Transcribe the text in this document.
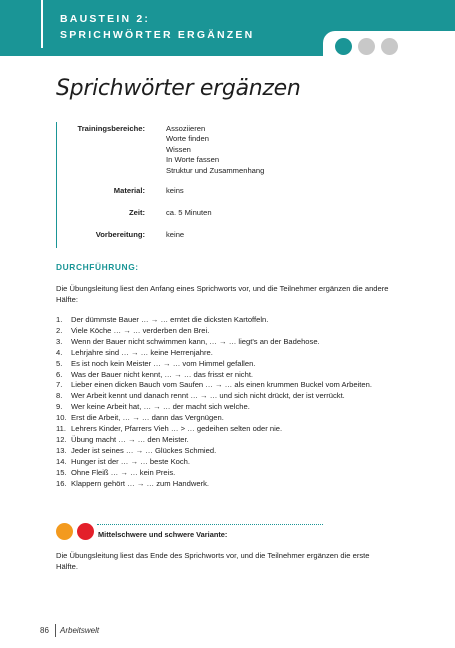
BAUSTEIN 2:
SPRICHWÖRTER ERGÄNZEN
Sprichwörter ergänzen
Trainingsbereiche:	Assoziieren
Worte finden
Wissen
In Worte fassen
Struktur und Zusammenhang
Material:	keins
Zeit:	ca. 5 Minuten
Vorbereitung:	keine
DURCHFÜHRUNG:
Die Übungsleitung liest den Anfang eines Sprichworts vor, und die Teilnehmer ergänzen die andere Hälfte:
1. Der dümmste Bauer … → … erntet die dicksten Kartoffeln.
2. Viele Köche … → … verderben den Brei.
3. Wenn der Bauer nicht schwimmen kann, … → … liegt's an der Badehose.
4. Lehrjahre sind … → … keine Herrenjahre.
5. Es ist noch kein Meister … → … vom Himmel gefallen.
6. Was der Bauer nicht kennt, … → … das frisst er nicht.
7. Lieber einen dicken Bauch vom Saufen … → … als einen krummen Buckel vom Arbeiten.
8. Wer Arbeit kennt und danach rennt … → … und sich nicht drückt, der ist verrückt.
9. Wer keine Arbeit hat, … → … der macht sich welche.
10. Erst die Arbeit, … → … dann das Vergnügen.
11. Lehrers Kinder, Pfarrers Vieh … > … gedeihen selten oder nie.
12. Übung macht … → … den Meister.
13. Jeder ist seines … → … Glückes Schmied.
14. Hunger ist der … → … beste Koch.
15. Ohne Fleiß … → … kein Preis.
16. Klappern gehört … → … zum Handwerk.
Mittelschwere und schwere Variante:
Die Übungsleitung liest das Ende des Sprichworts vor, und die Teilnehmer ergänzen die erste Hälfte.
86 Arbeitswelt
